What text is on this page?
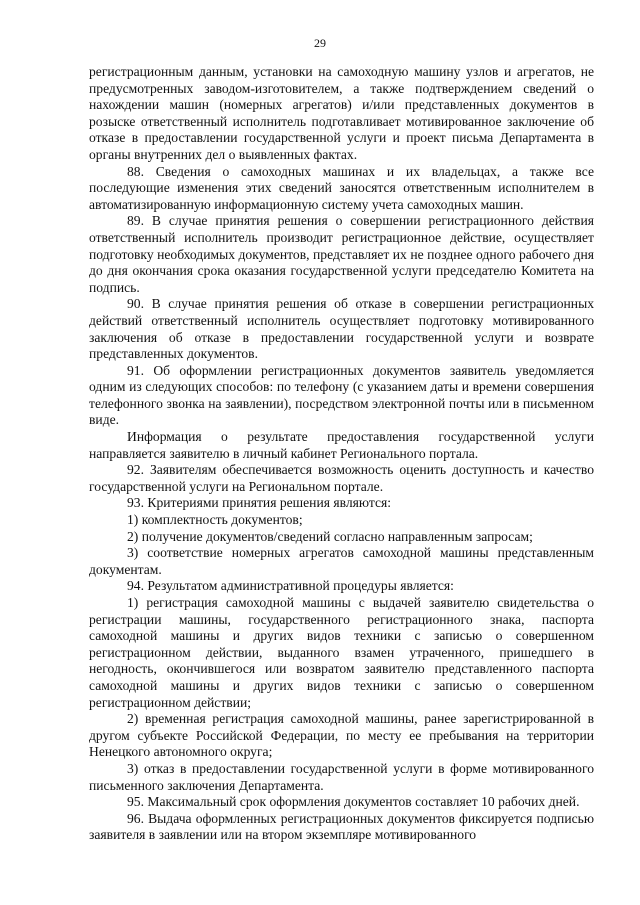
29

регистрационным данным, установки на самоходную машину узлов и агрегатов, не предусмотренных заводом-изготовителем, а также подтверждением сведений о нахождении машин (номерных агрегатов) и/или представленных документов в розыске ответственный исполнитель подготавливает мотивированное заключение об отказе в предоставлении государственной услуги и проект письма Департамента в органы внутренних дел о выявленных фактах.

88. Сведения о самоходных машинах и их владельцах, а также все последующие изменения этих сведений заносятся ответственным исполнителем в автоматизированную информационную систему учета самоходных машин.

89. В случае принятия решения о совершении регистрационного действия ответственный исполнитель производит регистрационное действие, осуществляет подготовку необходимых документов, представляет их не позднее одного рабочего дня до дня окончания срока оказания государственной услуги председателю Комитета на подпись.

90. В случае принятия решения об отказе в совершении регистрационных действий ответственный исполнитель осуществляет подготовку мотивированного заключения об отказе в предоставлении государственной услуги и возврате представленных документов.

91. Об оформлении регистрационных документов заявитель уведомляется одним из следующих способов: по телефону (с указанием даты и времени совершения телефонного звонка на заявлении), посредством электронной почты или в письменном виде.

Информация о результате предоставления государственной услуги направляется заявителю в личный кабинет Регионального портала.

92. Заявителям обеспечивается возможность оценить доступность и качество государственной услуги на Региональном портале.

93. Критериями принятия решения являются:

1) комплектность документов;

2) получение документов/сведений согласно направленным запросам;

3) соответствие номерных агрегатов самоходной машины представленным документам.

94. Результатом административной процедуры является:

1) регистрация самоходной машины с выдачей заявителю свидетельства о регистрации машины, государственного регистрационного знака, паспорта самоходной машины и других видов техники с записью о совершенном регистрационном действии, выданного взамен утраченного, пришедшего в негодность, окончившегося или возвратом заявителю представленного паспорта самоходной машины и других видов техники с записью о совершенном регистрационном действии;

2) временная регистрация самоходной машины, ранее зарегистрированной в другом субъекте Российской Федерации, по месту ее пребывания на территории Ненецкого автономного округа;

3) отказ в предоставлении государственной услуги в форме мотивированного письменного заключения Департамента.

95. Максимальный срок оформления документов составляет 10 рабочих дней.

96. Выдача оформленных регистрационных документов фиксируется подписью заявителя в заявлении или на втором экземпляре мотивированного
